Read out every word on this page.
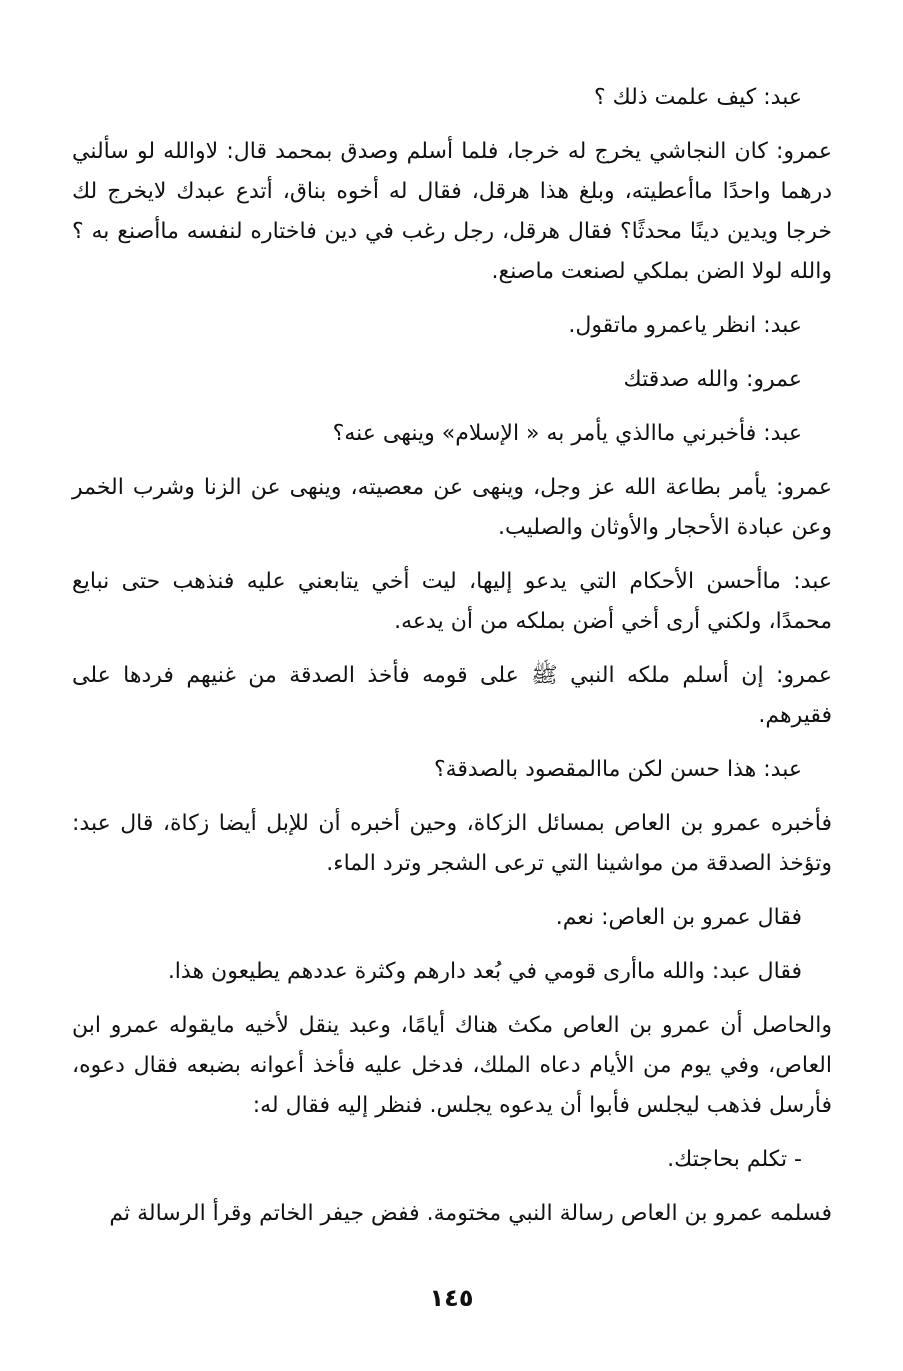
عبد: كيف علمت ذلك ؟

عمرو: كان النجاشي يخرج له خرجا، فلما أسلم وصدق بمحمد قال: لاوالله لو سألني درهما واحدًا ماأعطيته، وبلغ هذا هرقل، فقال له أخوه بناق، أتدع عبدك لايخرج لك خرجا ويدين دينًا محدثًا؟ فقال هرقل، رجل رغب في دين فاختاره لنفسه ماأصنع به ؟ والله لولا الضن بملكي لصنعت ماصنع.

عبد: انظر ياعمرو ماتقول.

عمرو: والله صدقتك

عبد: فأخبرني ماالذي يأمر به « الإسلام» وينهى عنه؟

عمرو: يأمر بطاعة الله عز وجل، وينهى عن معصيته، وينهى عن الزنا وشرب الخمر وعن عبادة الأحجار والأوثان والصليب.

عبد: ماأحسن الأحكام التي يدعو إليها، ليت أخي يتابعني عليه فنذهب حتى نبايع محمدًا، ولكني أرى أخي أضن بملكه من أن يدعه.

عمرو: إن أسلم ملكه النبي ﷺ على قومه فأخذ الصدقة من غنيهم فردها على فقيرهم.

عبد: هذا حسن لكن ماالمقصود بالصدقة؟

فأخبره عمرو بن العاص بمسائل الزكاة، وحين أخبره أن للإبل أيضا زكاة، قال عبد: وتؤخذ الصدقة من مواشينا التي ترعى الشجر وترد الماء.

فقال عمرو بن العاص: نعم.

فقال عبد: والله ماأرى قومي في بُعد دارهم وكثرة عددهم يطيعون هذا.

والحاصل أن عمرو بن العاص مكث هناك أيامًا، وعبد ينقل لأخيه مايقوله عمرو ابن العاص، وفي يوم من الأيام دعاه الملك، فدخل عليه فأخذ أعوانه بضبعه فقال دعوه، فأرسل فذهب ليجلس فأبوا أن يدعوه يجلس. فنظر إليه فقال له:

- تكلم بحاجتك.

فسلمه عمرو بن العاص رسالة النبي مختومة. ففض جيفر الخاتم وقرأ الرسالة ثم

١٤٥
